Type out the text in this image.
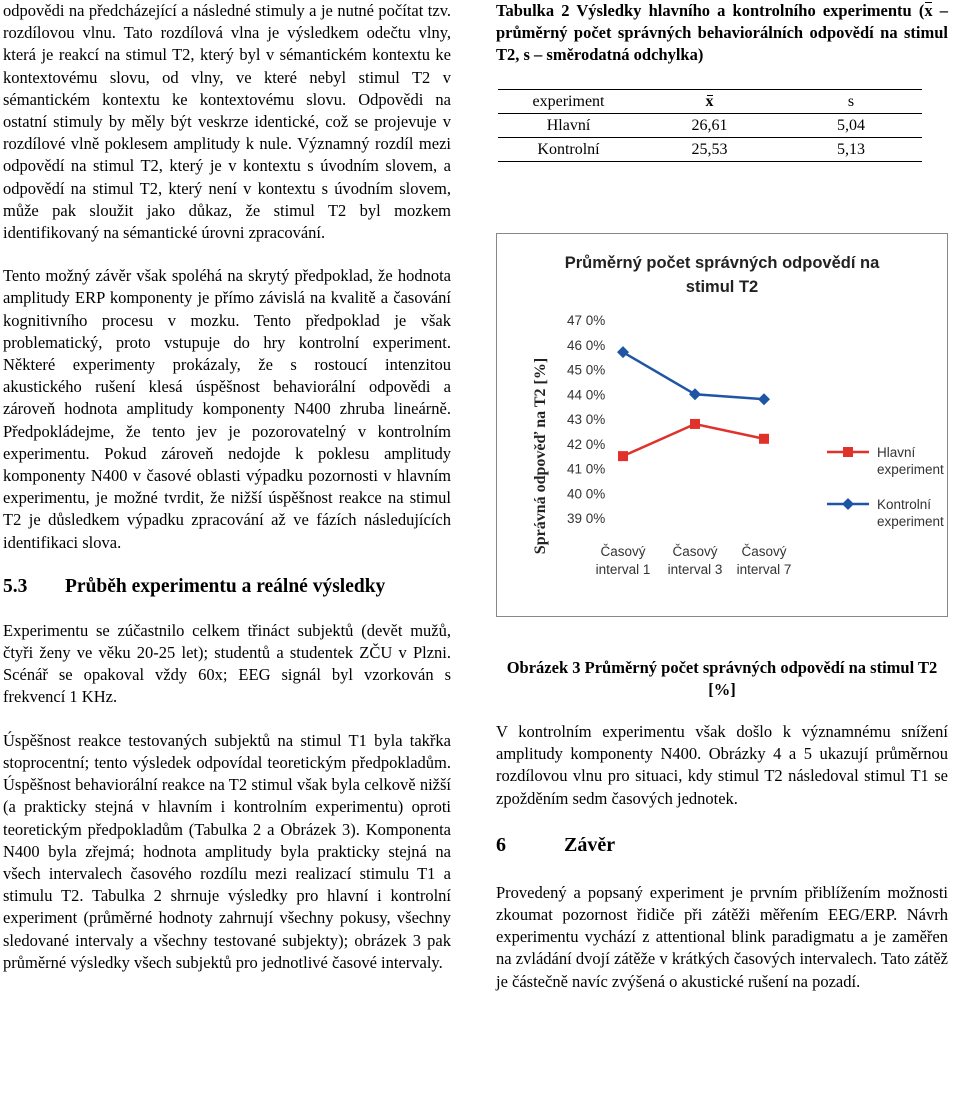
odpovědi na předcházející a následné stimuly a je nutné počítat tzv. rozdílovou vlnu. Tato rozdílová vlna je výsledkem odečtu vlny, která je reakcí na stimul T2, který byl v sémantickém kontextu ke kontextovému slovu, od vlny, ve které nebyl stimul T2 v sémantickém kontextu ke kontextovému slovu. Odpovědi na ostatní stimuly by měly být veskrze identické, což se projevuje v rozdílové vlně poklesem amplitudy k nule. Významný rozdíl mezi odpovědí na stimul T2, který je v kontextu s úvodním slovem, a odpovědí na stimul T2, který není v kontextu s úvodním slovem, může pak sloužit jako důkaz, že stimul T2 byl mozkem identifikovaný na sémantické úrovni zpracování.

Tento možný závěr však spoléhá na skrytý předpoklad, že hodnota amplitudy ERP komponenty je přímo závislá na kvalitě a časování kognitivního procesu v mozku. Tento předpoklad je však problematický, proto vstupuje do hry kontrolní experiment. Některé experimenty prokázaly, že s rostoucí intenzitou akustického rušení klesá úspěšnost behaviorální odpovědi a zároveň hodnota amplitudy komponenty N400 zhruba lineárně. Předpokládejme, že tento jev je pozorovatelný v kontrolním experimentu. Pokud zároveň nedojde k poklesu amplitudy komponenty N400 v časové oblasti výpadku pozornosti v hlavním experimentu, je možné tvrdit, že nižší úspěšnost reakce na stimul T2 je důsledkem výpadku zpracování až ve fázích následujících identifikaci slova.

5.3 Průběh experimentu a reálné výsledky

Experimentu se zúčastnilo celkem třináct subjektů (devět mužů, čtyři ženy ve věku 20-25 let); studentů a studentek ZČU v Plzni. Scénář se opakoval vždy 60x; EEG signál byl vzorkován s frekvencí 1 KHz.

Úspěšnost reakce testovaných subjektů na stimul T1 byla takřka stoprocentní; tento výsledek odpovídal teoretickým předpokladům. Úspěšnost behaviorální reakce na T2 stimul však byla celkově nižší (a prakticky stejná v hlavním i kontrolním experimentu) oproti teoretickým předpokladům (Tabulka 2 a Obrázek 3). Komponenta N400 byla zřejmá; hodnota amplitudy byla prakticky stejná na všech intervalech časového rozdílu mezi realizací stimulu T1 a stimulu T2. Tabulka 2 shrnuje výsledky pro hlavní i kontrolní experiment (průměrné hodnoty zahrnují všechny pokusy, všechny sledované intervaly a všechny testované subjekty); obrázek 3 pak průměrné výsledky všech subjektů pro jednotlivé časové intervaly.

Tabulka 2 Výsledky hlavního a kontrolního experimentu (x – průměrný počet správných behaviorálních odpovědí na stimul T2, s – směrodatná odchylka)
experiment	x	s
Hlavní	26,61	5,04
Kontrolní	25,53	5,13
Průměrný počet správných odpovědí na
stimul T2
Správná odpověď na T2 [%]
47 0%
46 0%
45 0%
44 0%
43 0%
42 0%
41 0%
40 0%
39 0%
Časový
interval 1
Časový
interval 3
Časový
interval 7
Hlavní
experiment
Kontrolní
experiment
Obrázek 3 Průměrný počet správných odpovědí na stimul T2 [%]

V kontrolním experimentu však došlo k významnému snížení amplitudy komponenty N400. Obrázky 4 a 5 ukazují průměrnou rozdílovou vlnu pro situaci, kdy stimul T2 následoval stimul T1 se zpožděním sedm časových jednotek.

6	Závěr

Provedený a popsaný experiment je prvním přiblížením možnosti zkoumat pozornost řidiče při zátěži měřením EEG/ERP. Návrh experimentu vychází z attentional blink paradigmatu a je zaměřen na zvládání dvojí zátěže v krátkých časových intervalech. Tato zátěž je částečně navíc zvýšená o akustické rušení na pozadí.
